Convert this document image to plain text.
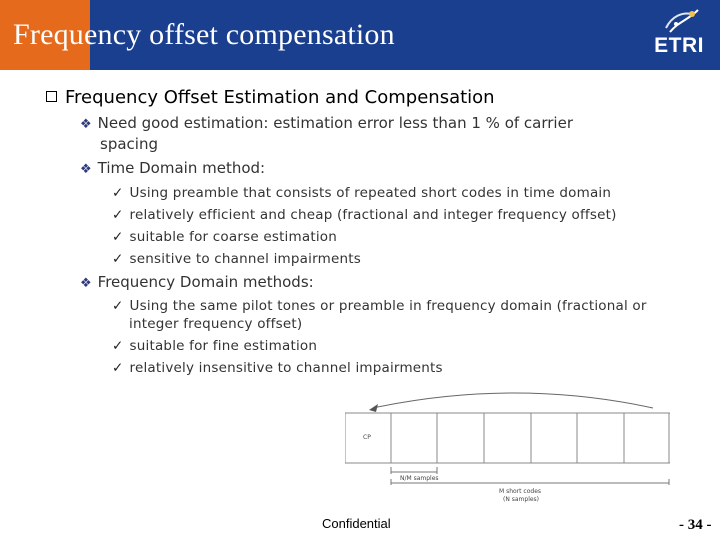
Frequency offset compensation	ETRI
Frequency Offset Estimation and Compensation
❖ Need good estimation: estimation error less than 1 % of carrier
spacing
❖ Time Domain method:
✓ Using preamble that consists of repeated short codes in time domain
✓ relatively efficient and cheap (fractional and integer frequency offset)
✓ suitable for coarse estimation
✓ sensitive to channel impairments
❖ Frequency Domain methods:
✓ Using the same pilot tones or preamble in frequency domain (fractional or
integer frequency offset)
✓ suitable for fine estimation
✓ relatively insensitive to channel impairments
CP
N/M samples
M short codes
(N samples)
Confidential	- 34 -
